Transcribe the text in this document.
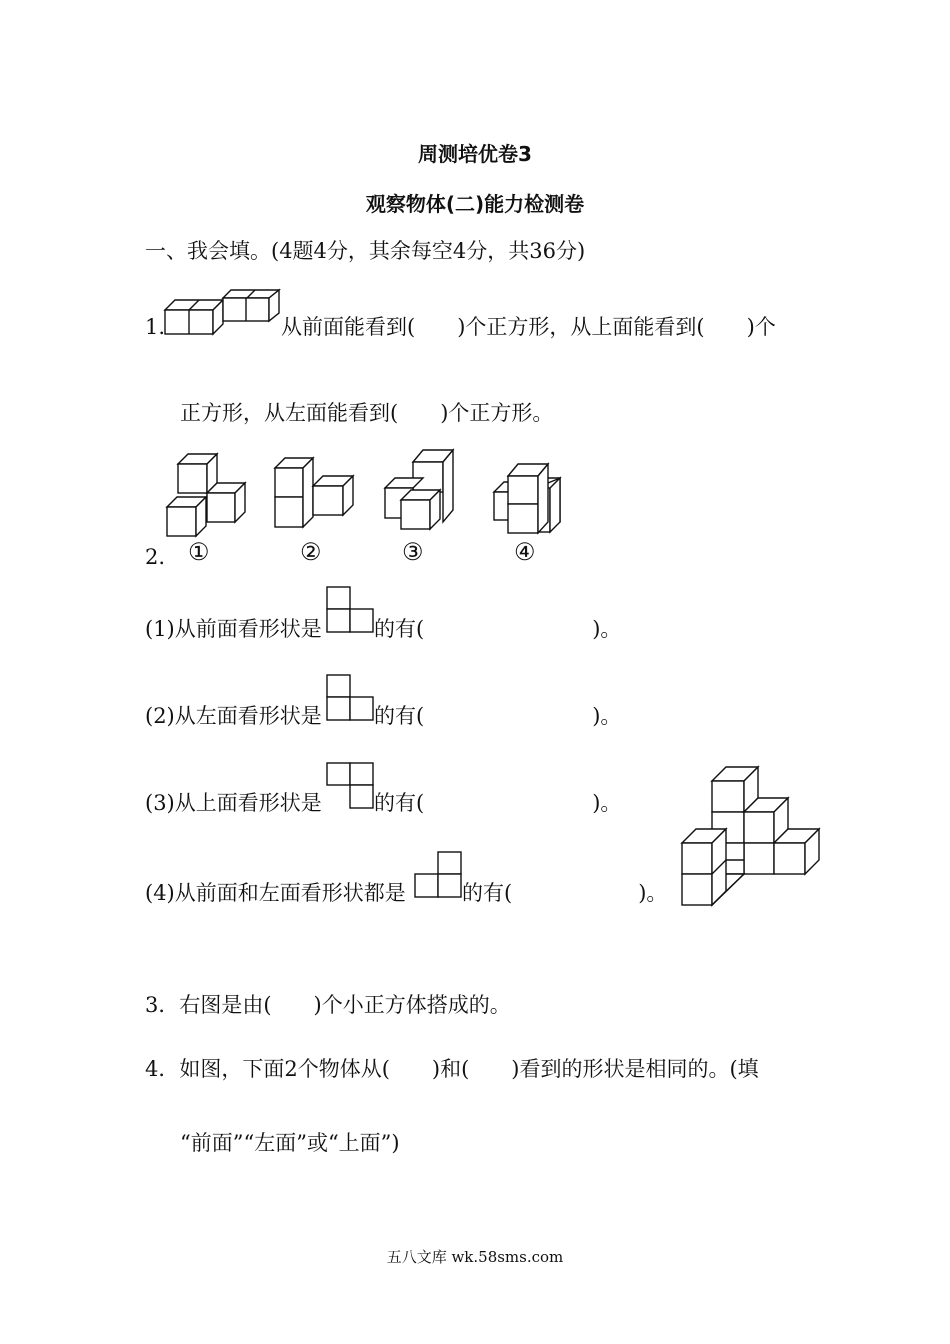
周测培优卷3
观察物体(二)能力检测卷
一、我会填。(4题4分，其余每空4分，共36分)
1.	从前面能看到(　　)个正方形，从上面能看到(　　)个
正方形，从左面能看到(　　)个正方形。
2. ①	②	③	④
(1)从前面看形状是 的有(　　　　　　　　)。
(2)从左面看形状是 的有(　　　　　　　　)。
(3)从上面看形状是 的有(　　　　　　　　)。
(4)从前面和左面看形状都是	的有(　　　　　　)。
3．右图是由(　　)个小正方体搭成的。
4．如图，下面2个物体从(　　)和(　　)看到的形状是相同的。(填
“前面”“左面”或“上面”)
五八文库 wk.58sms.com
